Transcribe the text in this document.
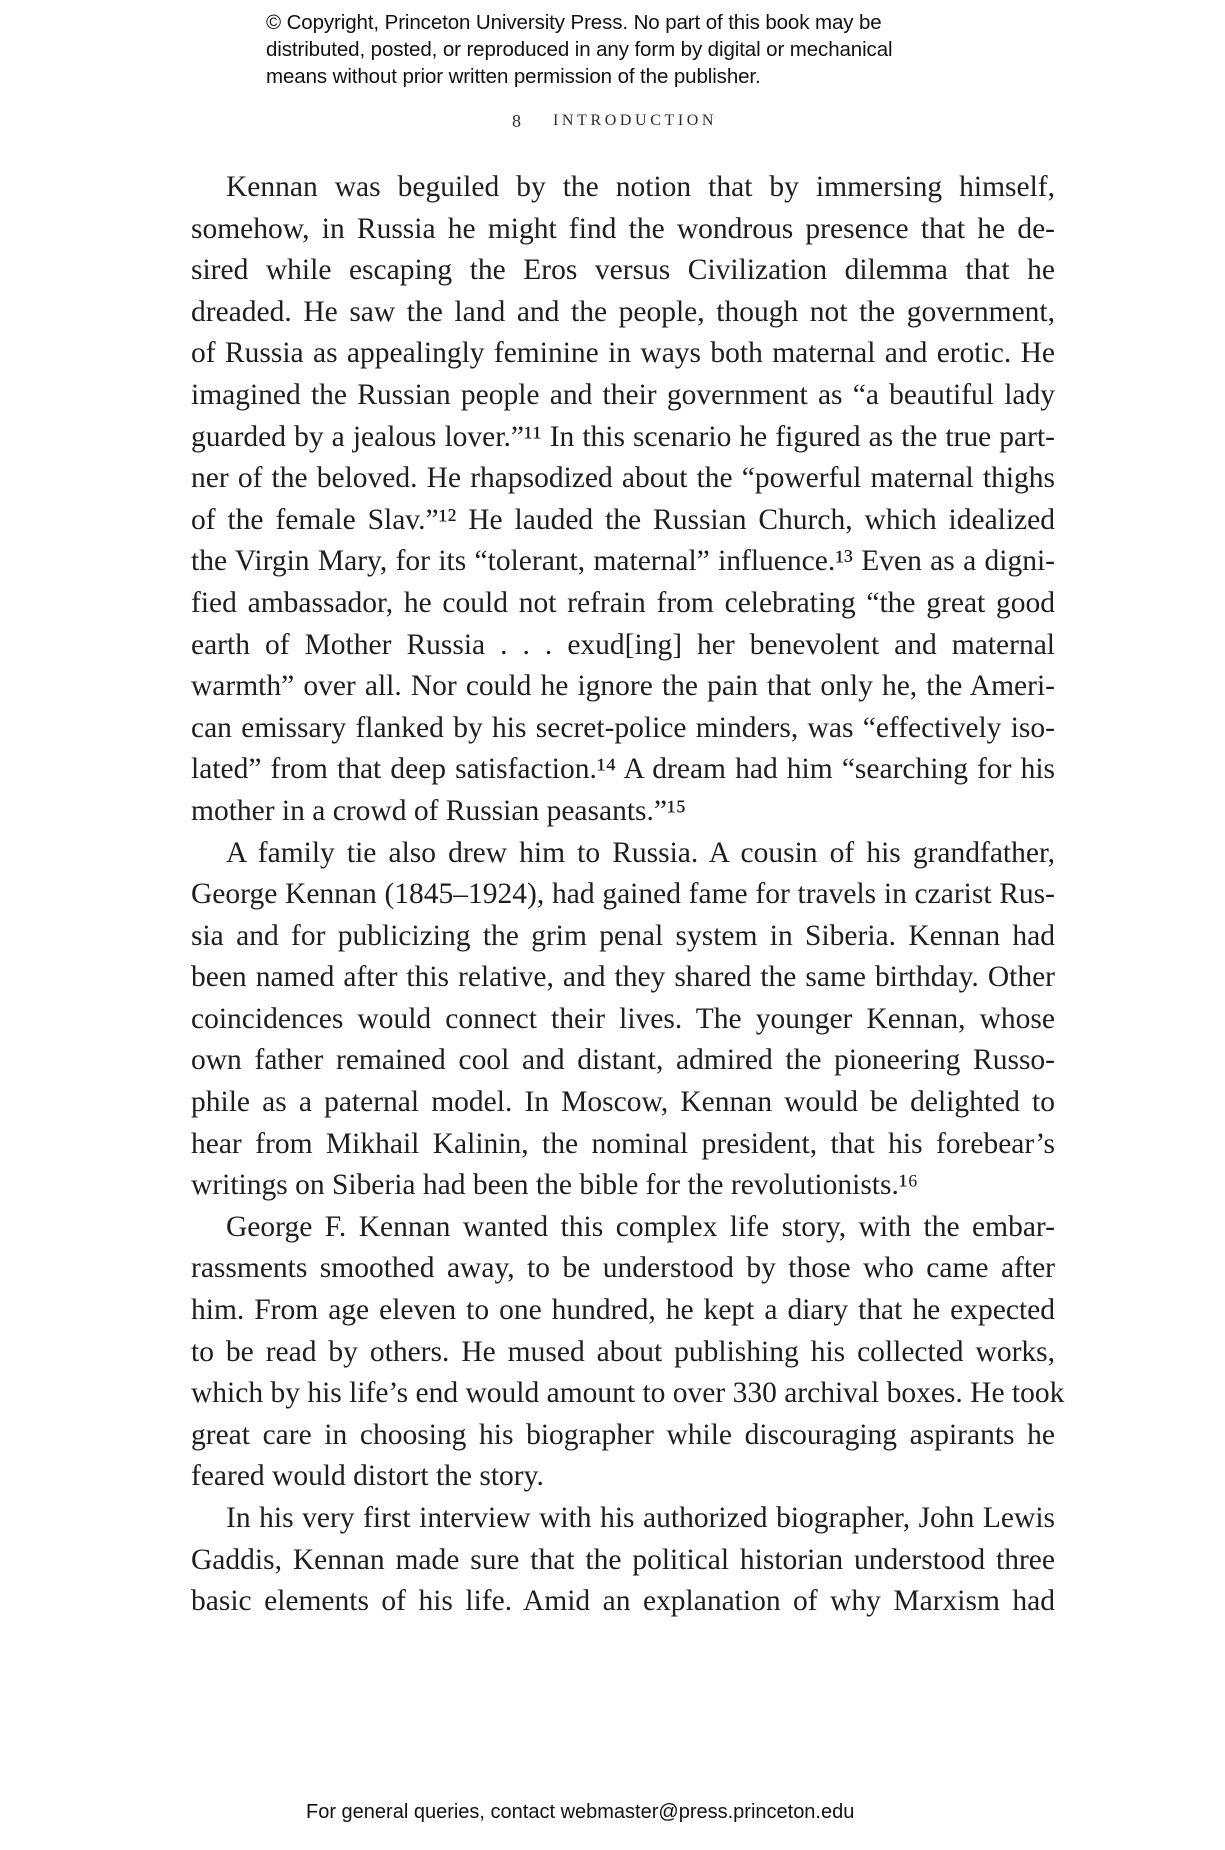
© Copyright, Princeton University Press. No part of this book may be
distributed, posted, or reproduced in any form by digital or mechanical
means without prior written permission of the publisher.
8 INTRODUCTION
Kennan was beguiled by the notion that by immersing himself,
somehow, in Russia he might find the wondrous presence that he de-
sired while escaping the Eros versus Civilization dilemma that he
dreaded. He saw the land and the people, though not the government,
of Russia as appealingly feminine in ways both maternal and erotic. He
imagined the Russian people and their government as “a beautiful lady
guarded by a jealous lover.”¹¹ In this scenario he figured as the true part-
ner of the beloved. He rhapsodized about the “powerful maternal thighs
of the female Slav.”¹² He lauded the Russian Church, which idealized
the Virgin Mary, for its “tolerant, maternal” influence.¹³ Even as a digni-
fied ambassador, he could not refrain from celebrating “the great good
earth of Mother Russia . . . exud[ing] her benevolent and maternal
warmth” over all. Nor could he ignore the pain that only he, the Ameri-
can emissary flanked by his secret-police minders, was “effectively iso-
lated” from that deep satisfaction.¹⁴ A dream had him “searching for his
mother in a crowd of Russian peasants.”¹⁵
A family tie also drew him to Russia. A cousin of his grandfather,
George Kennan (1845–1924), had gained fame for travels in czarist Rus-
sia and for publicizing the grim penal system in Siberia. Kennan had
been named after this relative, and they shared the same birthday. Other
coincidences would connect their lives. The younger Kennan, whose
own father remained cool and distant, admired the pioneering Russo-
phile as a paternal model. In Moscow, Kennan would be delighted to
hear from Mikhail Kalinin, the nominal president, that his forebear’s
writings on Siberia had been the bible for the revolutionists.¹⁶
George F. Kennan wanted this complex life story, with the embar-
rassments smoothed away, to be understood by those who came after
him. From age eleven to one hundred, he kept a diary that he expected
to be read by others. He mused about publishing his collected works,
which by his life’s end would amount to over 330 archival boxes. He took
great care in choosing his biographer while discouraging aspirants he
feared would distort the story.
In his very first interview with his authorized biographer, John Lewis
Gaddis, Kennan made sure that the political historian understood three
basic elements of his life. Amid an explanation of why Marxism had
For general queries, contact webmaster@press.princeton.edu
